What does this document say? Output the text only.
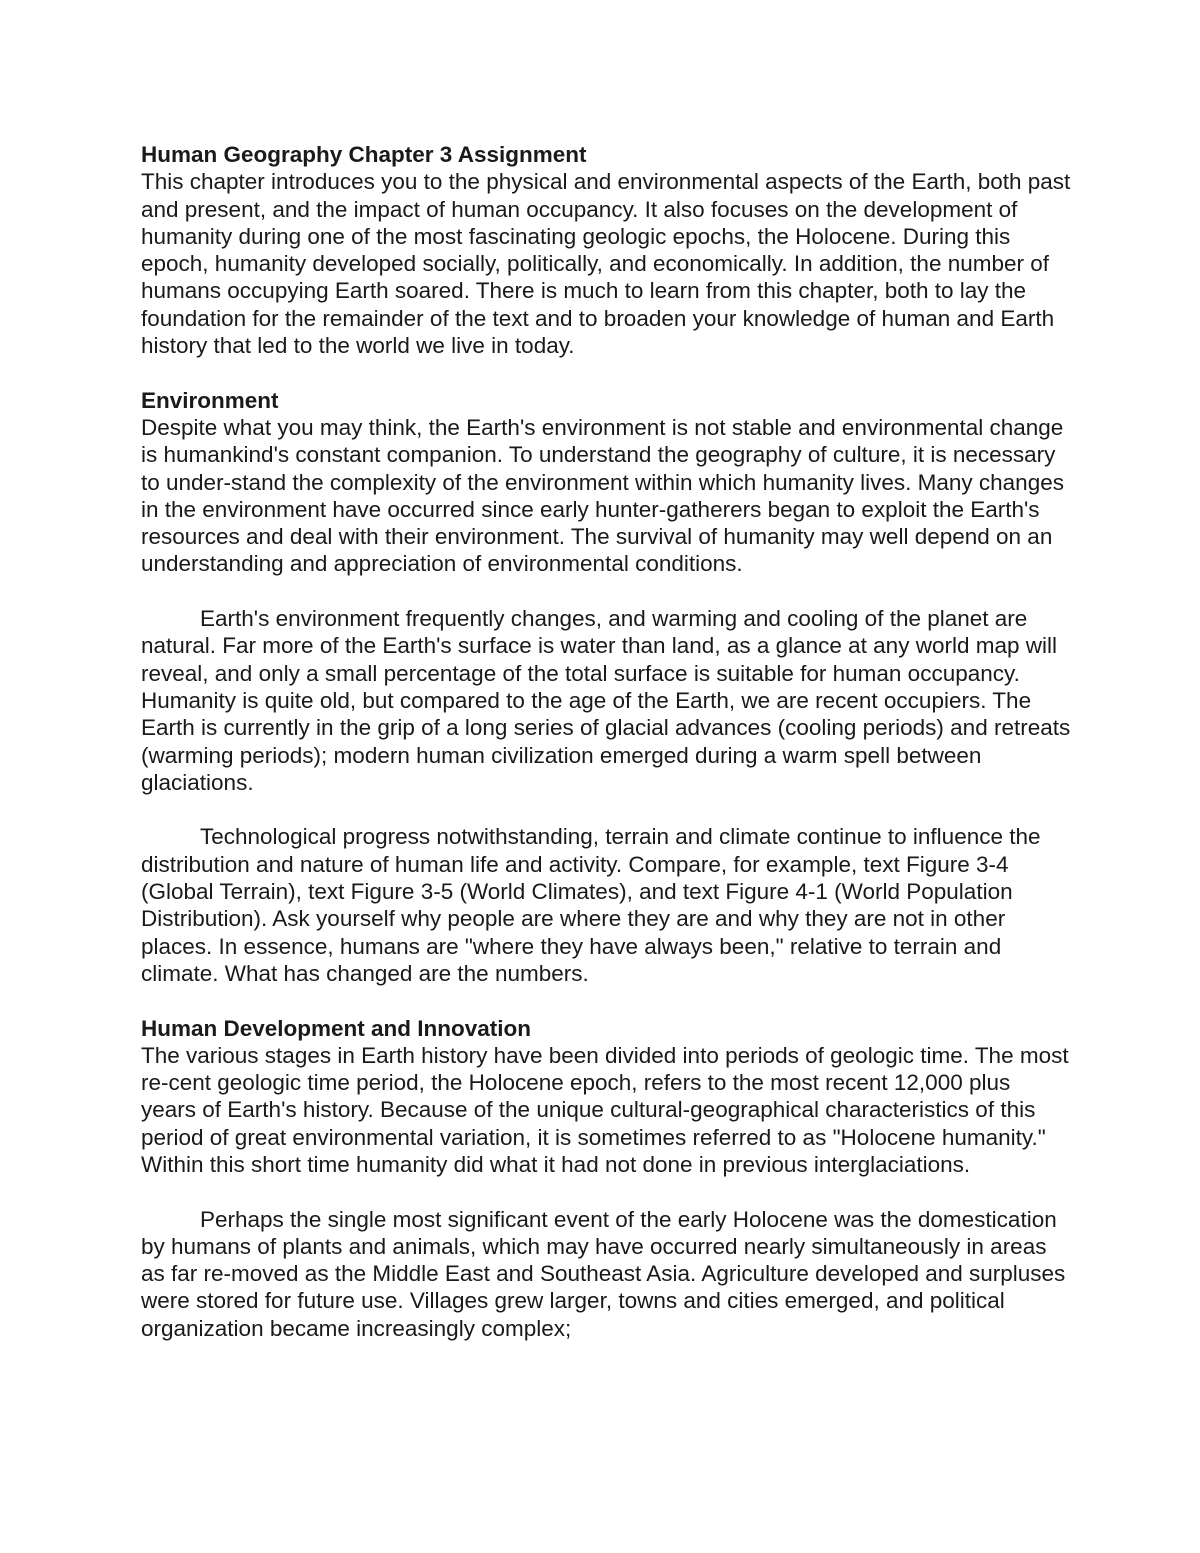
Human Geography Chapter 3 Assignment

This chapter introduces you to the physical and environmental aspects of the Earth, both past and present, and the impact of human occupancy. It also focuses on the development of humanity during one of the most fascinating geologic epochs, the Holocene. During this epoch, humanity developed socially, politically, and economically. In addition, the number of humans occupying Earth soared. There is much to learn from this chapter, both to lay the foundation for the remainder of the text and to broaden your knowledge of human and Earth history that led to the world we live in today.

Environment

Despite what you may think, the Earth's environment is not stable and environmental change is humankind's constant companion. To understand the geography of culture, it is necessary to under-stand the complexity of the environment within which humanity lives. Many changes in the environment have occurred since early hunter-gatherers began to exploit the Earth's resources and deal with their environment. The survival of humanity may well depend on an understanding and appreciation of environmental conditions.

Earth's environment frequently changes, and warming and cooling of the planet are natural. Far more of the Earth's surface is water than land, as a glance at any world map will reveal, and only a small percentage of the total surface is suitable for human occupancy. Humanity is quite old, but compared to the age of the Earth, we are recent occupiers. The Earth is currently in the grip of a long series of glacial advances (cooling periods) and retreats (warming periods); modern human civilization emerged during a warm spell between glaciations.

Technological progress notwithstanding, terrain and climate continue to influence the distribution and nature of human life and activity. Compare, for example, text Figure 3-4 (Global Terrain), text Figure 3-5 (World Climates), and text Figure 4-1 (World Population Distribution). Ask yourself why people are where they are and why they are not in other places. In essence, humans are "where they have always been," relative to terrain and climate. What has changed are the numbers.

Human Development and Innovation

The various stages in Earth history have been divided into periods of geologic time. The most re-cent geologic time period, the Holocene epoch, refers to the most recent 12,000 plus years of Earth's history. Because of the unique cultural-geographical characteristics of this period of great environmental variation, it is sometimes referred to as "Holocene humanity." Within this short time humanity did what it had not done in previous interglaciations.

Perhaps the single most significant event of the early Holocene was the domestication by humans of plants and animals, which may have occurred nearly simultaneously in areas as far re-moved as the Middle East and Southeast Asia. Agriculture developed and surpluses were stored for future use. Villages grew larger, towns and cities emerged, and political organization became increasingly complex;
